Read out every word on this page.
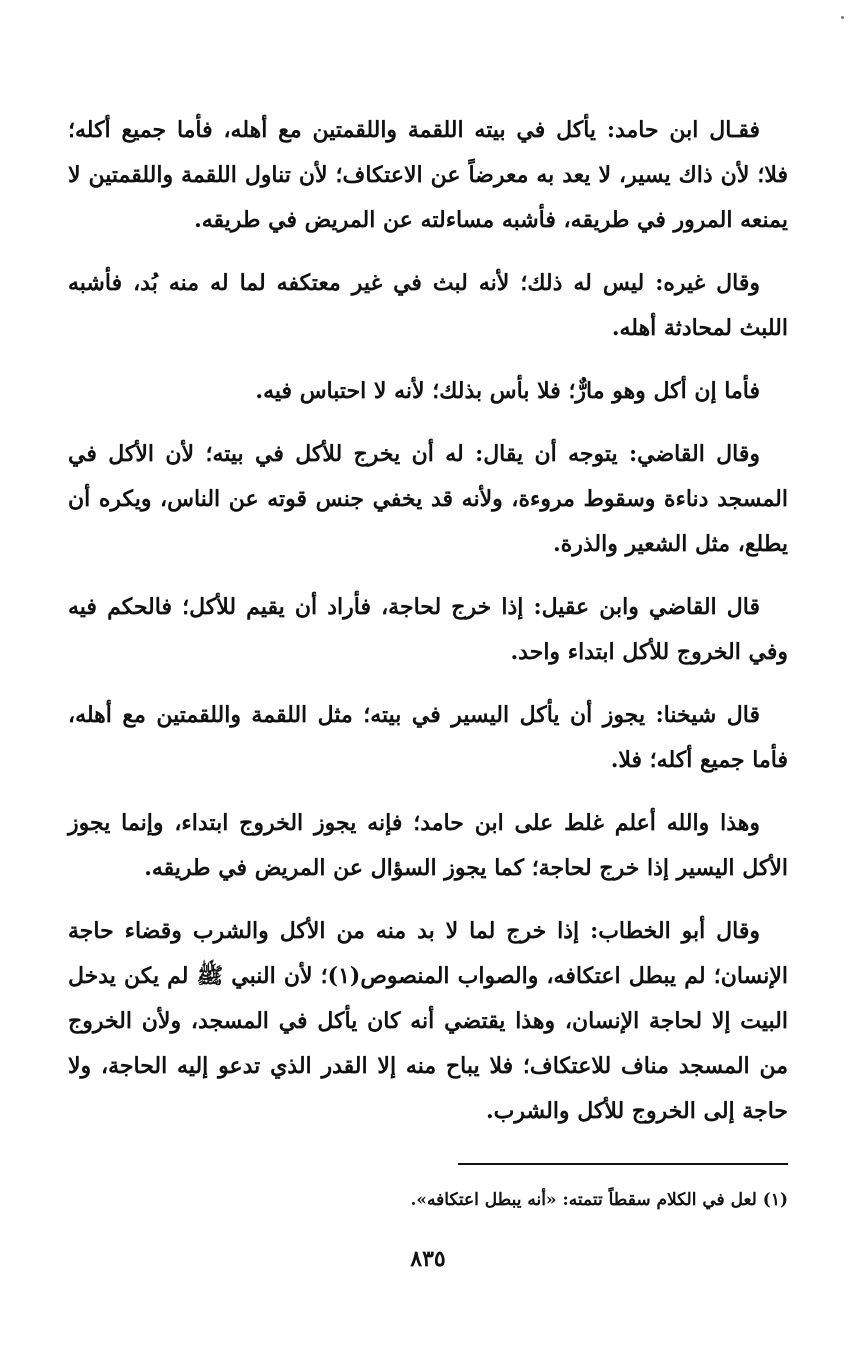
فقـال ابن حامد: يأكل في بيته اللقمة واللقمتين مع أهله، فأما جميع أكله؛ فلا؛ لأن ذاك يسير، لا يعد به معرضاً عن الاعتكاف؛ لأن تناول اللقمة واللقمتين لا يمنعه المرور في طريقه، فأشبه مساءلته عن المريض في طريقه.

وقال غيره: ليس له ذلك؛ لأنه لبث في غير معتكفه لما له منه بُد، فأشبه اللبث لمحادثة أهله.

فأما إن أكل وهو مارٌّ؛ فلا بأس بذلك؛ لأنه لا احتباس فيه.

وقال القاضي: يتوجه أن يقال: له أن يخرج للأكل في بيته؛ لأن الأكل في المسجد دناءة وسقوط مروءة، ولأنه قد يخفي جنس قوته عن الناس، ويكره أن يطلع، مثل الشعير والذرة.

قال القاضي وابن عقيل: إذا خرج لحاجة، فأراد أن يقيم للأكل؛ فالحكم فيه وفي الخروج للأكل ابتداء واحد.

قال شيخنا: يجوز أن يأكل اليسير في بيته؛ مثل اللقمة واللقمتين مع أهله، فأما جميع أكله؛ فلا.

وهذا والله أعلم غلط على ابن حامد؛ فإنه يجوز الخروج ابتداء، وإنما يجوز الأكل اليسير إذا خرج لحاجة؛ كما يجوز السؤال عن المريض في طريقه.

وقال أبو الخطاب: إذا خرج لما لا بد منه من الأكل والشرب وقضاء حاجة الإنسان؛ لم يبطل اعتكافه، والصواب المنصوص(١)؛ لأن النبي ﷺ لم يكن يدخل البيت إلا لحاجة الإنسان، وهذا يقتضي أنه كان يأكل في المسجد، ولأن الخروج من المسجد مناف للاعتكاف؛ فلا يباح منه إلا القدر الذي تدعو إليه الحاجة، ولا حاجة إلى الخروج للأكل والشرب.

(١) لعل في الكلام سقطاً تتمته: «أنه يبطل اعتكافه».
٨٣٥
